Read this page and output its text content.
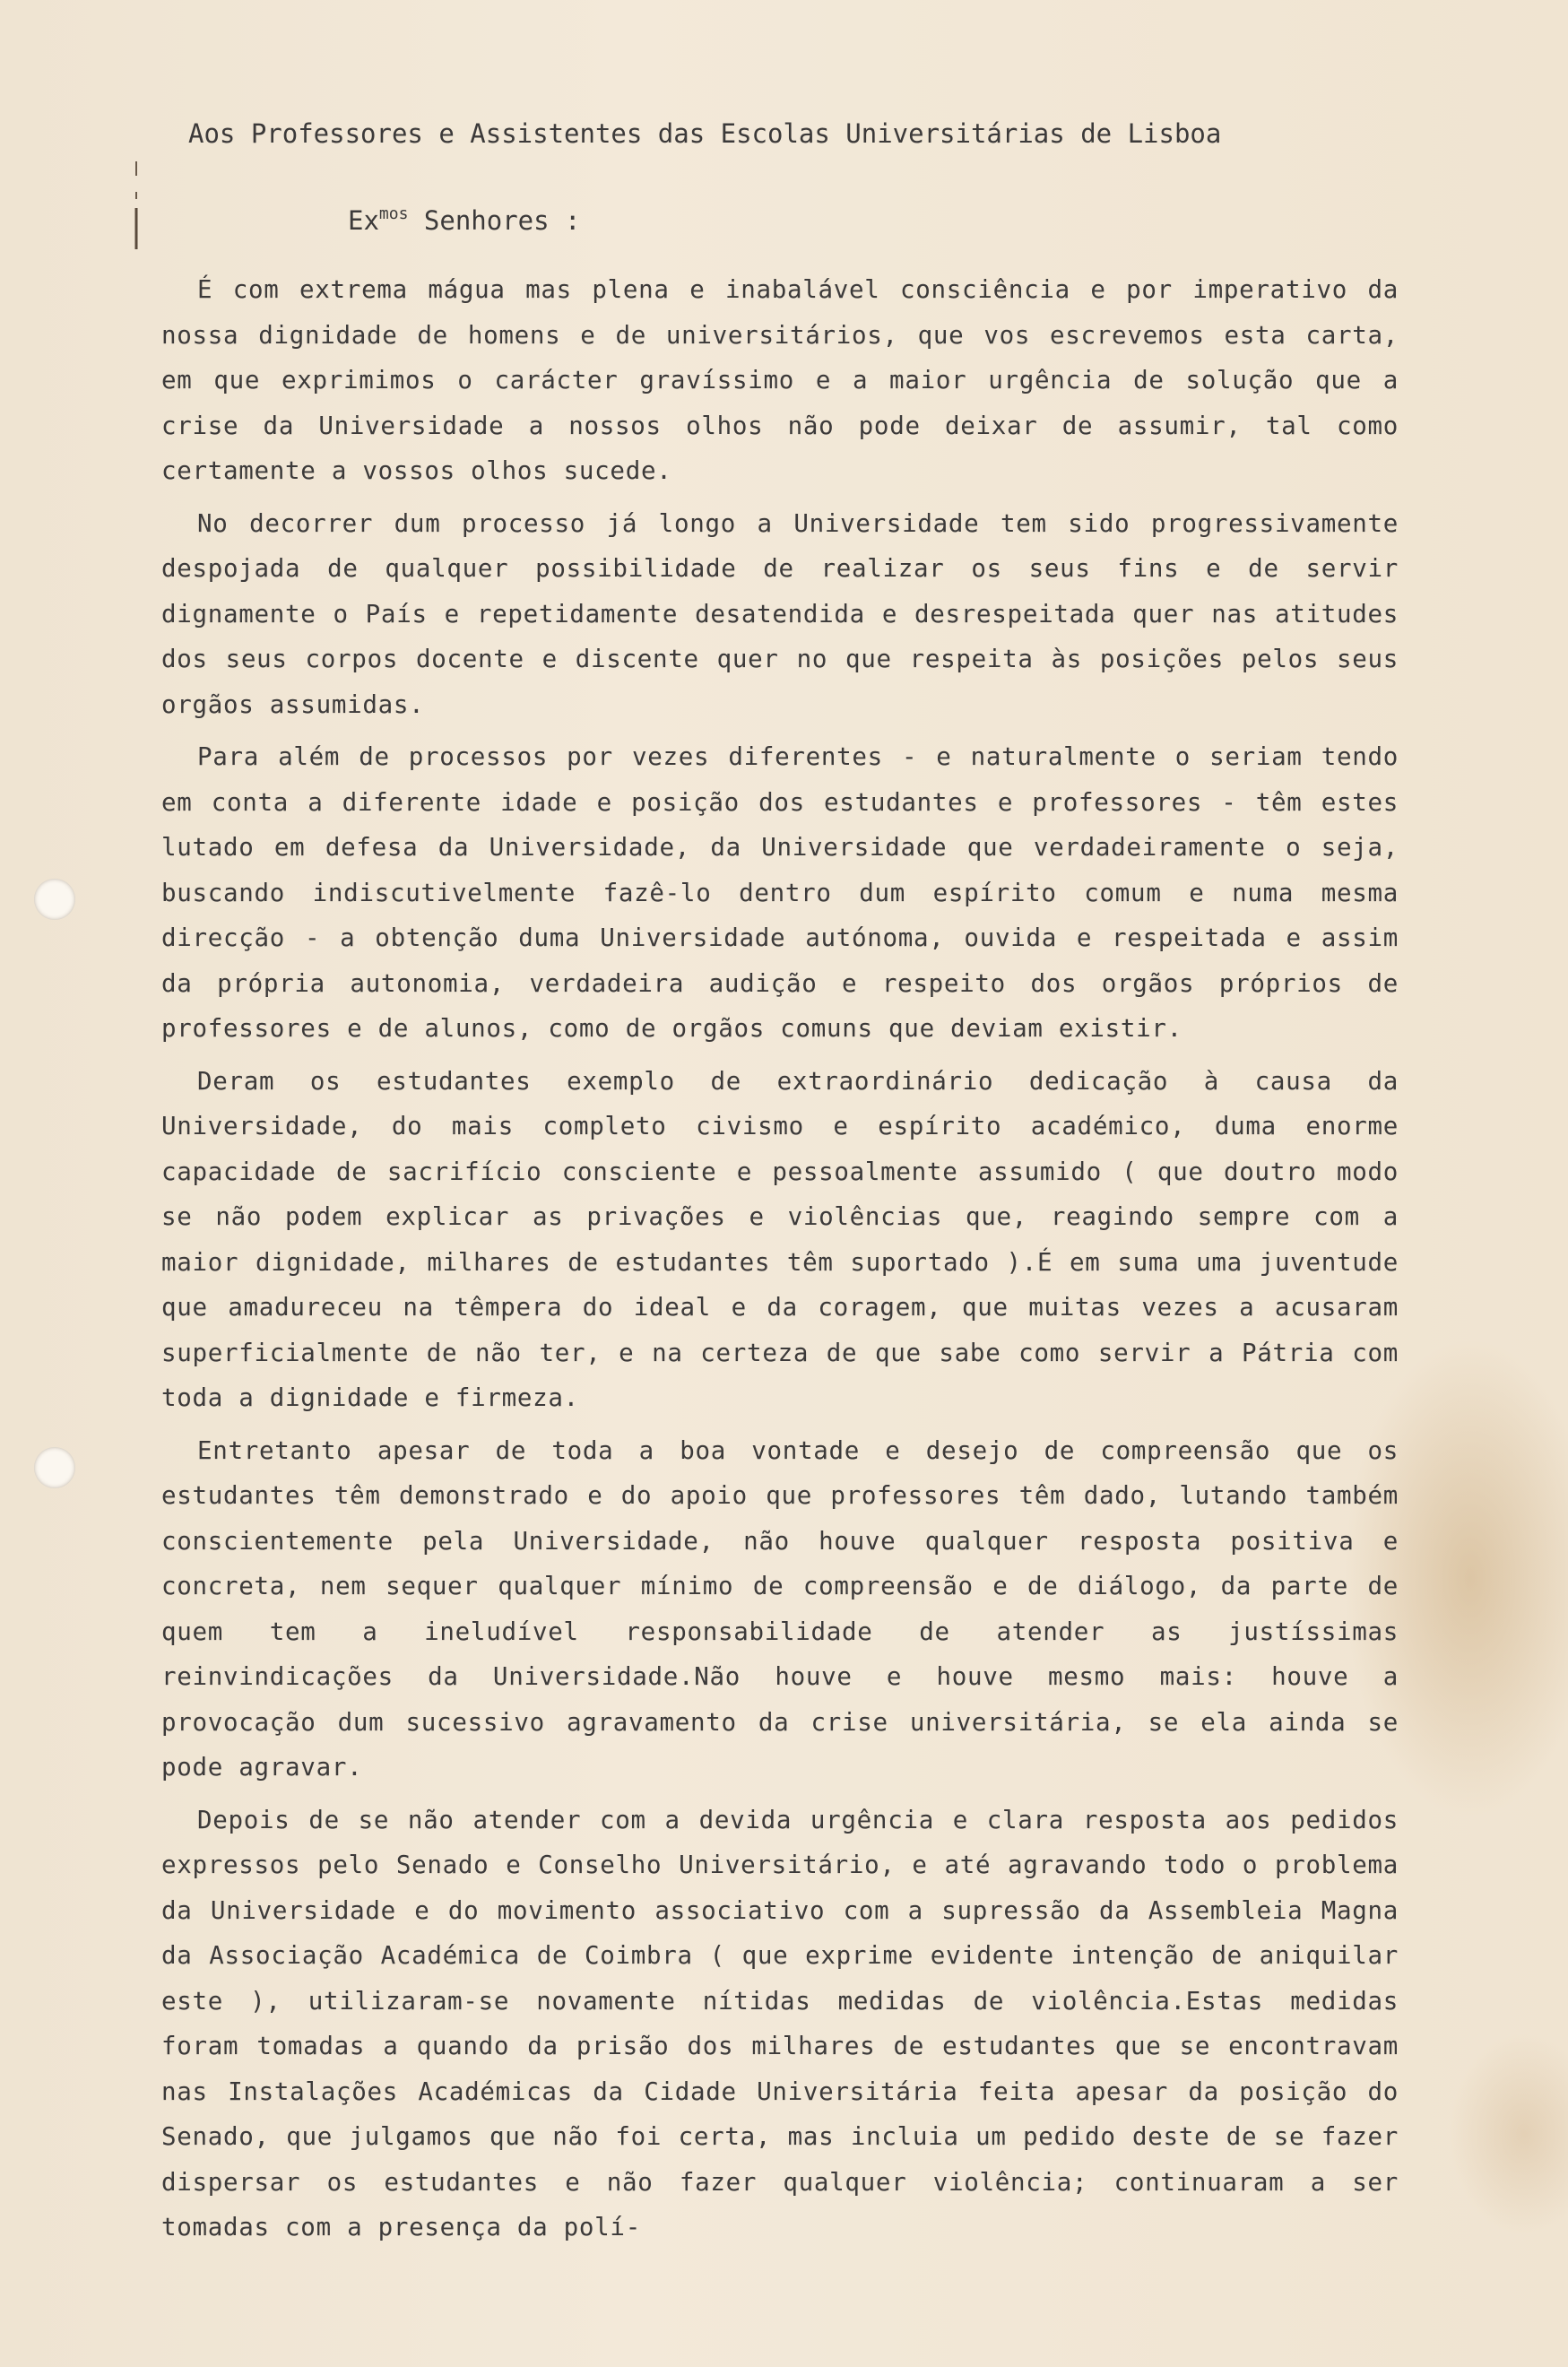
Aos Professores e Assistentes das Escolas Universitárias de Lisboa
$Ex^{mos}$ Senhores :

É com extrema mágua mas plena e inabalável consciência e por imperativo da nossa dignidade de homens e de universitários, que vos escrevemos esta carta, em que exprimimos o carácter gravíssimo e a maior urgência de solução que a crise da Universidade a nossos olhos não pode deixar de assumir, tal como certamente a vossos olhos sucede.

No decorrer dum processo já longo a Universidade tem sido progressivamente despojada de qualquer possibilidade de realizar os seus fins e de servir dignamente o País e repetidamente desatendida e desrespeitada quer nas atitudes dos seus corpos docente e discente quer no que respeita às posições pelos seus orgãos assumidas.

Para além de processos por vezes diferentes - e naturalmente o seriam tendo em conta a diferente idade e posição dos estudantes e professores - têm estes lutado em defesa da Universidade, da Universidade que verdadeiramente o seja, buscando indiscutivelmente fazê-lo dentro dum espírito comum e numa mesma direcção - a obtenção duma Universidade autónoma, ouvida e respeitada e assim da própria autonomia, verdadeira audição e respeito dos orgãos próprios de professores e de alunos, como de orgãos comuns que deviam existir.

Deram os estudantes exemplo de extraordinário dedicação à causa da Universidade, do mais completo civismo e espírito académico, duma enorme capacidade de sacrifício consciente e pessoalmente assumido ( que doutro modo se não podem explicar as privações e violências que, reagindo sempre com a maior dignidade, milhares de estudantes têm suportado ).É em suma uma juventude que amadureceu na têmpera do ideal e da coragem, que muitas vezes a acusaram superficialmente de não ter, e na certeza de que sabe como servir a Pátria com toda a dignidade e firmeza.

Entretanto apesar de toda a boa vontade e desejo de compreensão que os estudantes têm demonstrado e do apoio que professores têm dado, lutando também conscientemente pela Universidade, não houve qualquer resposta positiva e concreta, nem sequer qualquer mínimo de compreensão e de diálogo, da parte de quem tem a ineludível responsabilidade de atender as justíssimas reinvindicações da Universidade.Não houve e houve mesmo mais: houve a provocação dum sucessivo agravamento da crise universitária, se ela ainda se pode agravar.

Depois de se não atender com a devida urgência e clara resposta aos pedidos expressos pelo Senado e Conselho Universitário, e até agravando todo o problema da Universidade e do movimento associativo com a supressão da Assembleia Magna da Associação Académica de Coimbra ( que exprime evidente intenção de aniquilar este ), utilizaram-se novamente nítidas medidas de violência.Estas medidas foram tomadas a quando da prisão dos milhares de estudantes que se encontravam nas Instalações Académicas da Cidade Universitária feita apesar da posição do Senado, que julgamos que não foi certa, mas incluia um pedido deste de se fazer dispersar os estudantes e não fazer qualquer violência; continuaram a ser tomadas com a presença da polí-
